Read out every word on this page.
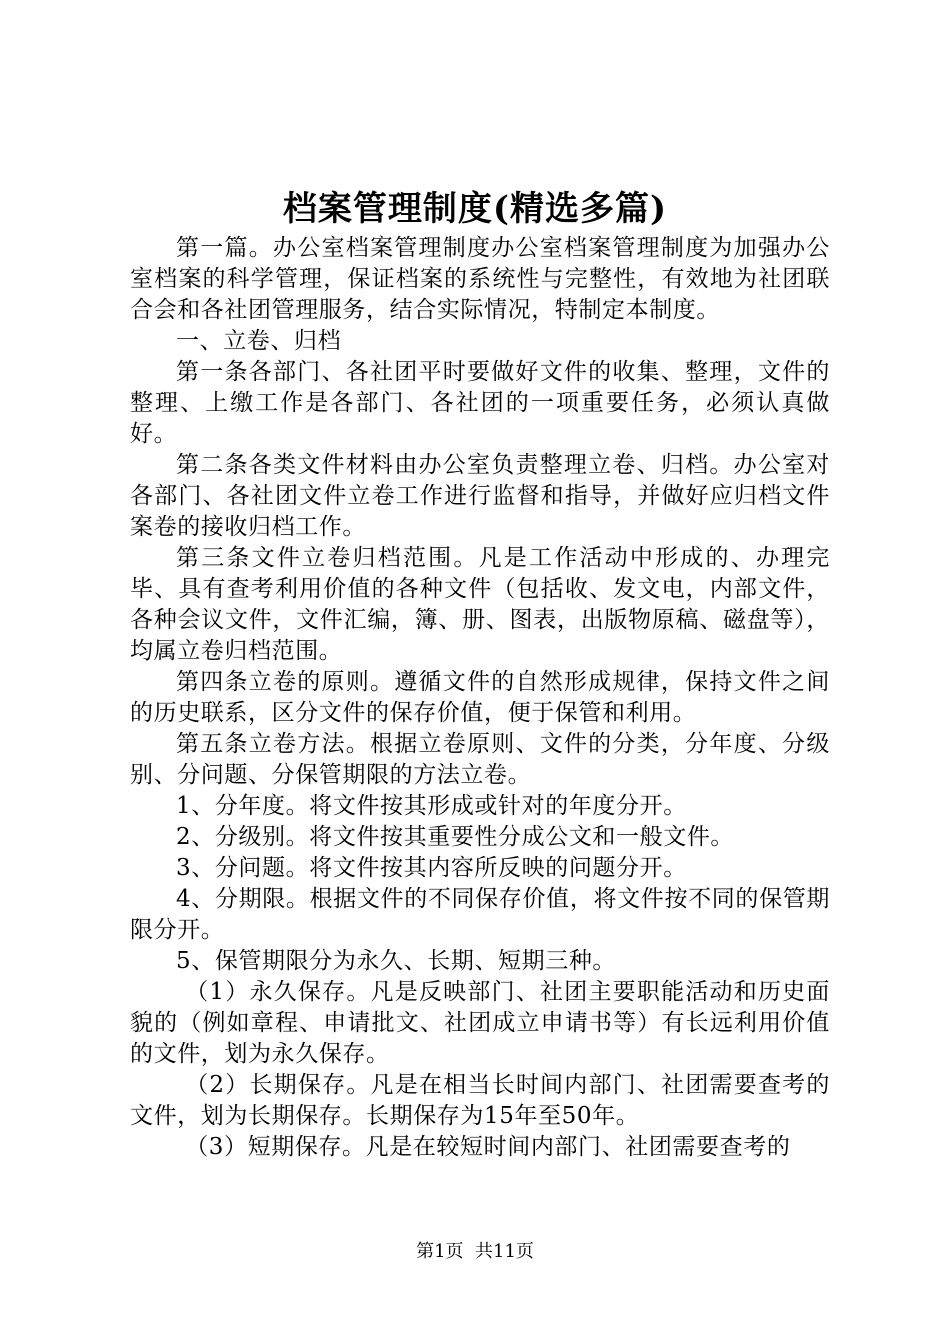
档案管理制度(精选多篇)

第一篇。办公室档案管理制度办公室档案管理制度为加强办公室档案的科学管理，保证档案的系统性与完整性，有效地为社团联合会和各社团管理服务，结合实际情况，特制定本制度。

一、立卷、归档

第一条各部门、各社团平时要做好文件的收集、整理，文件的整理、上缴工作是各部门、各社团的一项重要任务，必须认真做好。

第二条各类文件材料由办公室负责整理立卷、归档。办公室对各部门、各社团文件立卷工作进行监督和指导，并做好应归档文件案卷的接收归档工作。

第三条文件立卷归档范围。凡是工作活动中形成的、办理完毕、具有查考利用价值的各种文件（包括收、发文电，内部文件，各种会议文件，文件汇编，簿、册、图表，出版物原稿、磁盘等），均属立卷归档范围。

第四条立卷的原则。遵循文件的自然形成规律，保持文件之间的历史联系，区分文件的保存价值，便于保管和利用。

第五条立卷方法。根据立卷原则、文件的分类，分年度、分级别、分问题、分保管期限的方法立卷。

1、分年度。将文件按其形成或针对的年度分开。

2、分级别。将文件按其重要性分成公文和一般文件。

3、分问题。将文件按其内容所反映的问题分开。

4、分期限。根据文件的不同保存价值，将文件按不同的保管期限分开。

5、保管期限分为永久、长期、短期三种。

（1）永久保存。凡是反映部门、社团主要职能活动和历史面貌的（例如章程、申请批文、社团成立申请书等）有长远利用价值的文件，划为永久保存。

（2）长期保存。凡是在相当长时间内部门、社团需要查考的文件，划为长期保存。长期保存为15年至50年。

（3）短期保存。凡是在较短时间内部门、社团需要查考的

第1页  共11页
